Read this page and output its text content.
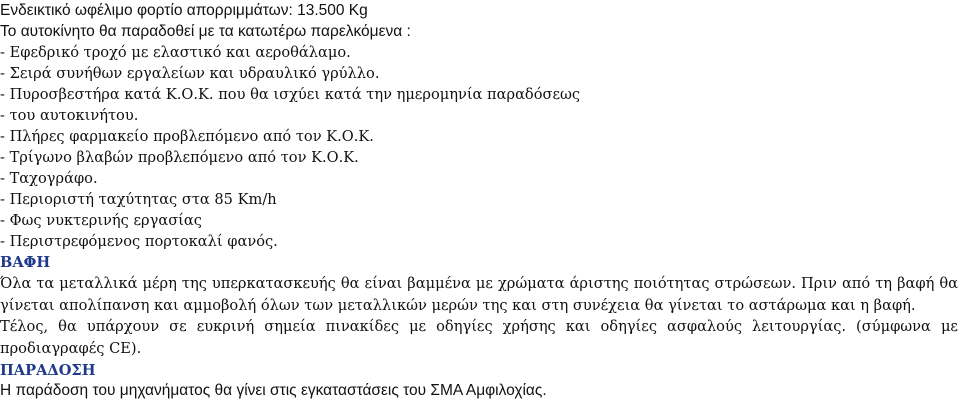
Ενδεικτικό ωφέλιμο φορτίο απορριμμάτων: 13.500 Kg
Το αυτοκίνητο θα παραδοθεί με τα κατωτέρω παρελκόμενα :
- Εφεδρικό τροχό με ελαστικό και αεροθάλαμο.
- Σειρά συνήθων εργαλείων και υδραυλικό γρύλλο.
- Πυροσβεστήρα κατά Κ.Ο.Κ. που θα ισχύει κατά την ημερομηνία παραδόσεως
- του αυτοκινήτου.
- Πλήρες φαρμακείο προβλεπόμενο από τον Κ.Ο.Κ.
- Τρίγωνο βλαβών προβλεπόμενο από τον Κ.Ο.Κ.
- Ταχογράφο.
- Περιοριστή ταχύτητας στα 85 Km/h
- Φως νυκτερινής εργασίας
- Περιστρεφόμενος πορτοκαλί φανός.
ΒΑΦΗ

Όλα τα μεταλλικά μέρη της υπερκατασκευής θα είναι βαμμένα με χρώματα άριστης ποιότητας στρώσεων. Πριν από τη βαφή θα γίνεται απολίπανση και αμμοβολή όλων των μεταλλικών μερών της και στη συνέχεια θα γίνεται το αστάρωμα και η βαφή.

Τέλος, θα υπάρχουν σε ευκρινή σημεία πινακίδες με οδηγίες χρήσης και οδηγίες ασφαλούς λειτουργίας. (σύμφωνα με προδιαγραφές CE).

ΠΑΡΑΔΟΣΗ
Η παράδοση του μηχανήματος θα γίνει στις εγκαταστάσεις του ΣΜΑ Αμφιλοχίας.
